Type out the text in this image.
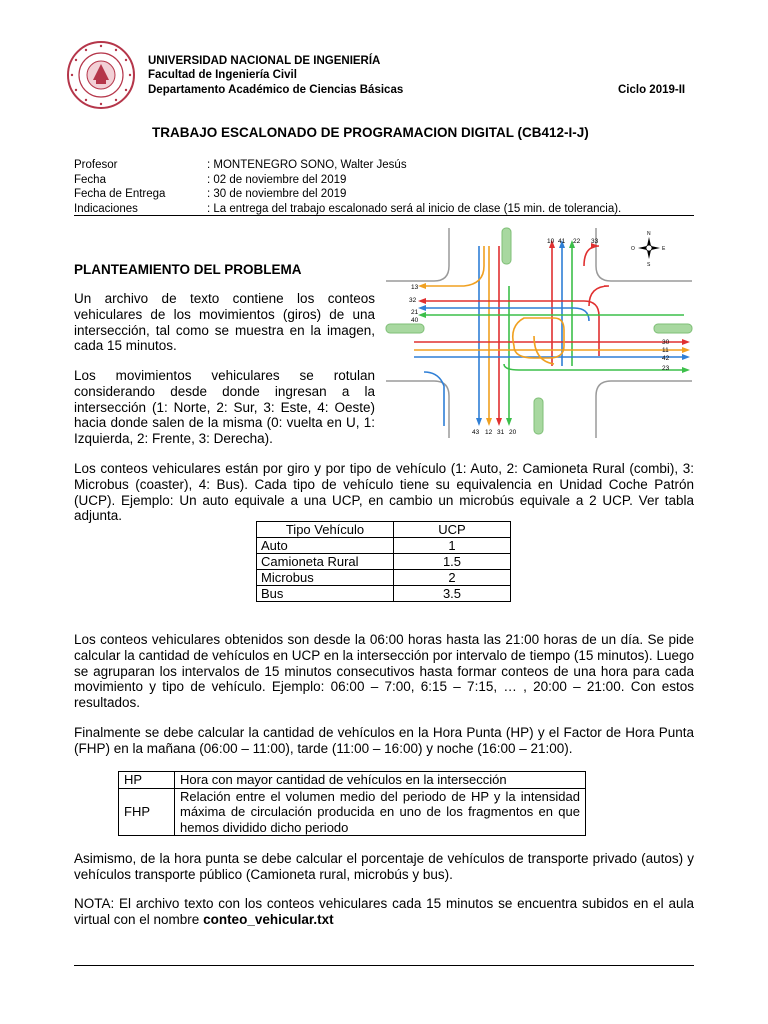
UNIVERSIDAD NACIONAL DE INGENIERÍA
Facultad de Ingeniería Civil
Departamento Académico de Ciencias Básicas	Ciclo 2019-II
TRABAJO ESCALONADO DE PROGRAMACION DIGITAL (CB412-I-J)
Profesor	: MONTENEGRO SONO, Walter Jesús
Fecha	: 02 de noviembre del 2019
Fecha de Entrega	: 30 de noviembre del 2019
Indicaciones	: La entrega del trabajo escalonado será al inicio de clase (15 min. de tolerancia).
PLANTEAMIENTO DEL PROBLEMA
Un archivo de texto contiene los conteos vehiculares de los movimientos (giros) de una intersección, tal como se muestra en la imagen, cada 15 minutos.
Los movimientos vehiculares se rotulan considerando desde donde ingresan a la intersección (1: Norte, 2: Sur, 3: Este, 4: Oeste) hacia donde salen de la misma (0: vuelta en U, 1: Izquierda, 2: Frente, 3: Derecha).
10 41 22 33
13
32
21
40
30
11
42
23
43 12 31 20
N
S
E
O
Los conteos vehiculares están por giro y por tipo de vehículo (1: Auto, 2: Camioneta Rural (combi), 3: Microbus (coaster), 4: Bus). Cada tipo de vehículo tiene su equivalencia en Unidad Coche Patrón (UCP). Ejemplo: Un auto equivale a una UCP, en cambio un microbús equivale a 2 UCP. Ver tabla adjunta.
Tipo Vehículo	UCP
Auto	1
Camioneta Rural	1.5
Microbus	2
Bus	3.5
Los conteos vehiculares obtenidos son desde la 06:00 horas hasta las 21:00 horas de un día. Se pide calcular la cantidad de vehículos en UCP en la intersección por intervalo de tiempo (15 minutos). Luego se agruparan los intervalos de 15 minutos consecutivos hasta formar conteos de una hora para cada movimiento y tipo de vehículo. Ejemplo: 06:00 – 7:00, 6:15 – 7:15, … , 20:00 – 21:00. Con estos resultados.
Finalmente se debe calcular la cantidad de vehículos en la Hora Punta (HP) y el Factor de Hora Punta (FHP) en la mañana (06:00 – 11:00), tarde (11:00 – 16:00) y noche (16:00 – 21:00).
HP	Hora con mayor cantidad de vehículos en la intersección
FHP	Relación entre el volumen medio del periodo de HP y la intensidad máxima de circulación producida en uno de los fragmentos en que hemos dividido dicho periodo
Asimismo, de la hora punta se debe calcular el porcentaje de vehículos de transporte privado (autos) y vehículos transporte público (Camioneta rural, microbús y bus).
NOTA: El archivo texto con los conteos vehiculares cada 15 minutos se encuentra subidos en el aula virtual con el nombre conteo_vehicular.txt
